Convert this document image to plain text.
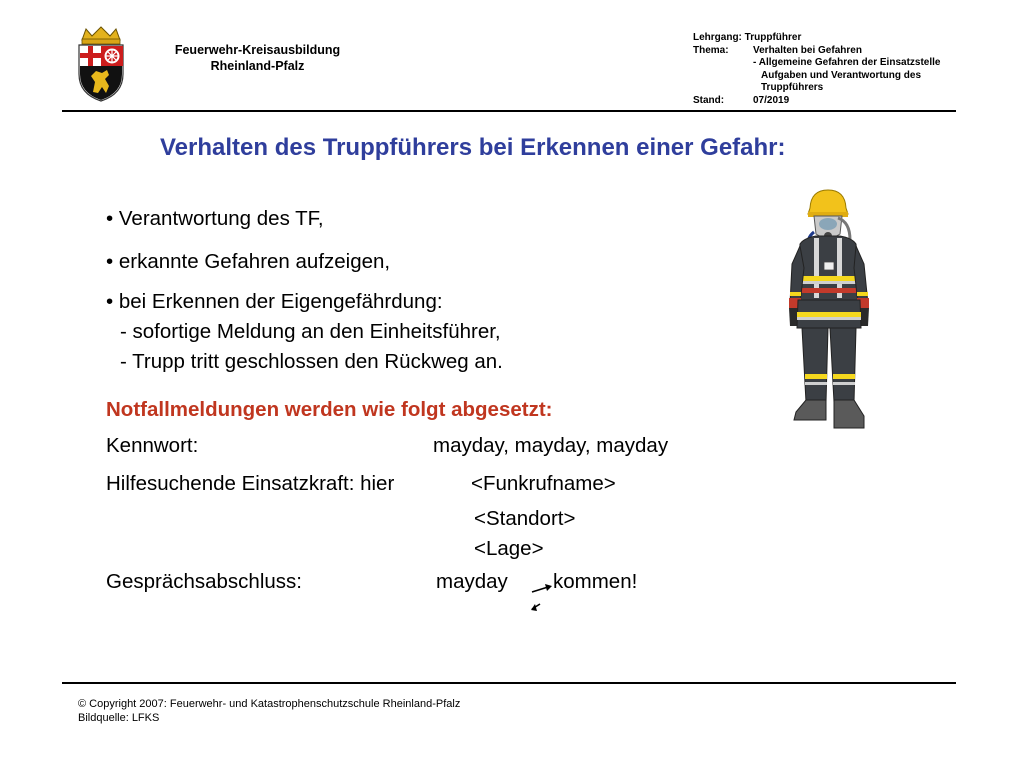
Feuerwehr-Kreisausbildung
Rheinland-Pfalz
Lehrgang:
Truppführer
Thema:	Verhalten bei Gefahren
- Allgemeine Gefahren der Einsatzstelle
Aufgaben und Verantwortung des
Truppführers
Stand:	07/2019
Verhalten des Truppführers bei Erkennen einer Gefahr:
• Verantwortung des TF,
• erkannte Gefahren aufzeigen,
• bei Erkennen der Eigengefährdung:
- sofortige Meldung an den Einheitsführer,
- Trupp tritt geschlossen den Rückweg an.
Notfallmeldungen werden wie folgt abgesetzt:
Kennwort:	mayday, mayday, mayday
Hilfesuchende Einsatzkraft: hier	<Funkrufname>
<Standort>
<Lage>
Gesprächsabschluss:	mayday kommen!
© Copyright 2007: Feuerwehr- und Katastrophenschutzschule Rheinland-Pfalz
Bildquelle: LFKS
